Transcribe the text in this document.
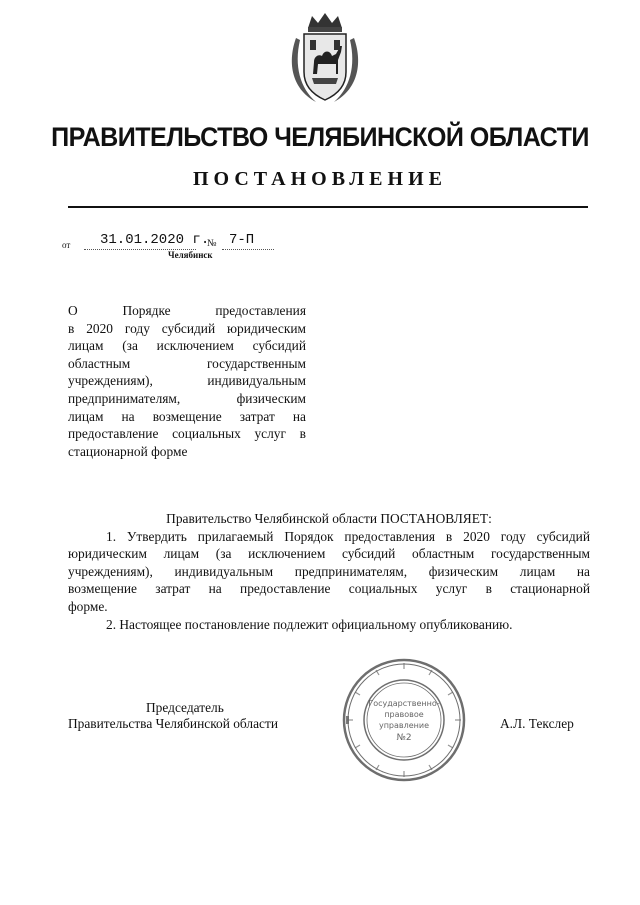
ПРАВИТЕЛЬСТВО ЧЕЛЯБИНСКОЙ ОБЛАСТИ
ПОСТАНОВЛЕНИЕ
от 31.01.2020 г.
№ 7-П
Челябинск
О Порядке предоставления
в 2020 году субсидий юридическим
лицам (за исключением субсидий
областным государственным
учреждениям), индивидуальным
предпринимателям, физическим
лицам на возмещение затрат на
предоставление социальных услуг в
стационарной форме
Правительство Челябинской области ПОСТАНОВЛЯЕТ:
1. Утвердить прилагаемый Порядок предоставления в 2020 году субсидий
юридическим лицам (за исключением субсидий областным государственным
учреждениям), индивидуальным предпринимателям, физическим лицам на
возмещение затрат на предоставление социальных услуг в стационарной
форме.
2. Настоящее постановление подлежит официальному опубликованию.
Председатель
Правительства Челябинской области	А.Л. Текслер
Государственно-
правовое
управление
№2
